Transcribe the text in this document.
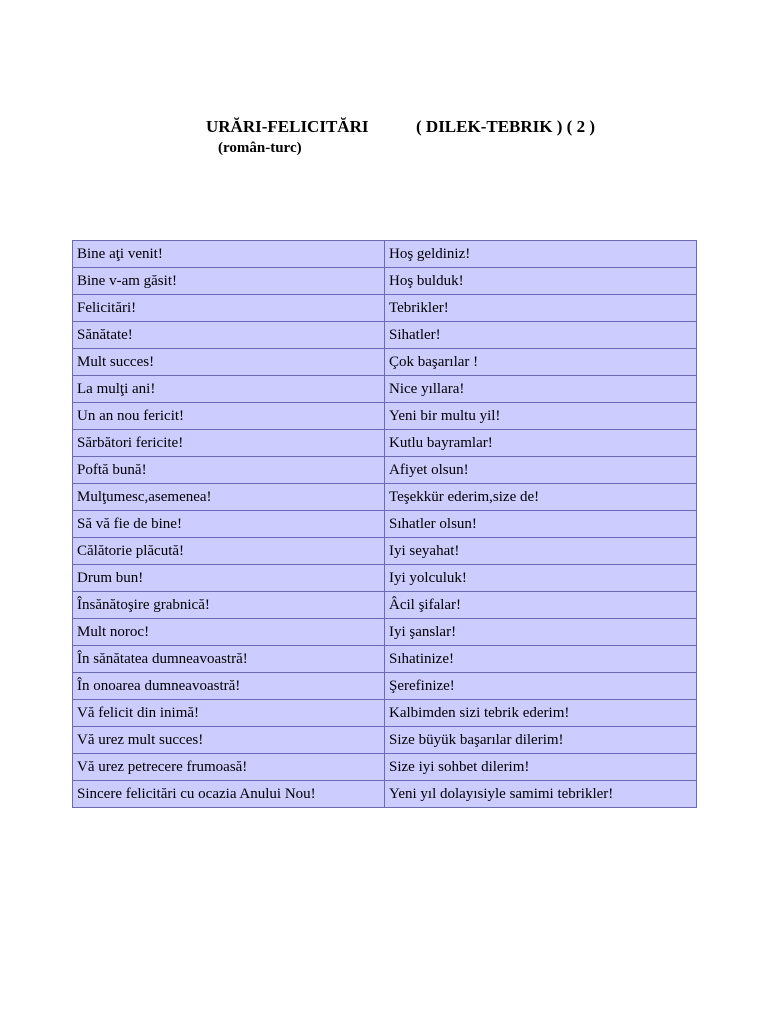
URĂRI-FELICITĂRI	( DILEK-TEBRIK ) ( 2 )
(român-turc)
Bine aţi venit!	Hoş geldiniz!
Bine v-am găsit!	Hoş bulduk!
Felicitări!	Tebrikler!
Sănătate!	Sihatler!
Mult succes!	Çok başarılar !
La mulţi ani!	Nice yıllara!
Un an nou fericit!	Yeni bir multu yil!
Sărbători fericite!	Kutlu bayramlar!
Poftă bună!	Afiyet olsun!
Mulţumesc,asemenea!	Teşekkür ederim,size de!
Să vă fie de bine!	Sıhatler olsun!
Călătorie plăcută!	Iyi seyahat!
Drum bun!	Iyi yolculuk!
Însănătoşire grabnică!	Âcil şifalar!
Mult noroc!	Iyi şanslar!
În sănătatea dumneavoastră!	Sıhatinize!
În onoarea dumneavoastră!	Şerefinize!
Vă felicit din inimă!	Kalbimden sizi tebrik ederim!
Vă urez mult succes!	Size büyük başarılar dilerim!
Vă urez petrecere frumoasă!	Size iyi sohbet dilerim!
Sincere felicitări cu ocazia Anului Nou!	Yeni yıl dolayısiyle samimi tebrikler!
